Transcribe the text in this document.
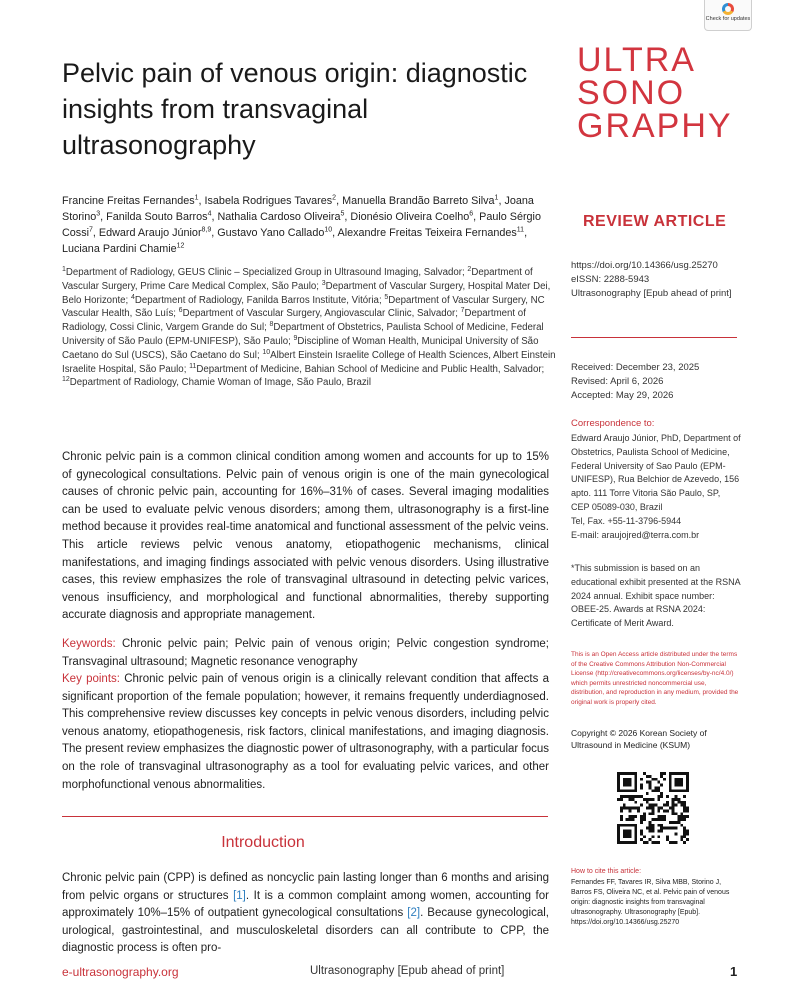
Check for updates
Pelvic pain of venous origin: diagnostic insights from transvaginal ultrasonography
ULTRA
SONO
GRAPHY
REVIEW ARTICLE
https://doi.org/10.14366/usg.25270
eISSN: 2288-5943
Ultrasonography [Epub ahead of print]
Francine Freitas Fernandes$^1$, Isabela Rodrigues Tavares$^2$, Manuella Brandão Barreto Silva$^1$, Joana Storino$^3$, Fanilda Souto Barros$^4$, Nathalia Cardoso Oliveira$^5$, Dionésio Oliveira Coelho$^6$, Paulo Sérgio Cossi$^7$, Edward Araujo Júnior$^{8,9}$, Gustavo Yano Callado$^{10}$, Alexandre Freitas Teixeira Fernandes$^{11}$, Luciana Pardini Chamie$^{12}$
$^1$Department of Radiology, GEUS Clinic – Specialized Group in Ultrasound Imaging, Salvador; $^2$Department of Vascular Surgery, Prime Care Medical Complex, São Paulo; $^3$Department of Vascular Surgery, Hospital Mater Dei, Belo Horizonte; $^4$Department of Radiology, Fanilda Barros Institute, Vitória; $^5$Department of Vascular Surgery, NC Vascular Health, São Luís; $^6$Department of Vascular Surgery, Angiovascular Clinic, Salvador; $^7$Department of Radiology, Cossi Clinic, Vargem Grande do Sul; $^8$Department of Obstetrics, Paulista School of Medicine, Federal University of São Paulo (EPM-UNIFESP), São Paulo; $^9$Discipline of Woman Health, Municipal University of São Caetano do Sul (USCS), São Caetano do Sul; $^{10}$Albert Einstein Israelite College of Health Sciences, Albert Einstein Israelite Hospital, São Paulo; $^{11}$Department of Medicine, Bahian School of Medicine and Public Health, Salvador; $^{12}$Department of Radiology, Chamie Woman of Image, São Paulo, Brazil
Received: December 23, 2025
Revised: April 6, 2026
Accepted: May 29, 2026
Correspondence to:
Edward Araujo Júnior, PhD, Department of Obstetrics, Paulista School of Medicine, Federal University of Sao Paulo (EPM-UNIFESP), Rua Belchior de Azevedo, 156 apto. 111 Torre Vitoria São Paulo, SP, CEP 05089-030, Brazil
Tel, Fax. +55-11-3796-5944
E-mail: araujojred@terra.com.br
*This submission is based on an educational exhibit presented at the RSNA 2024 annual. Exhibit space number: OBEE-25. Awards at RSNA 2024: Certificate of Merit Award.
This is an Open Access article distributed under the terms of the Creative Commons Attribution Non-Commercial License (http://creativecommons.org/licenses/by-nc/4.0/) which permits unrestricted noncommercial use, distribution, and reproduction in any medium, provided the original work is properly cited.
Copyright © 2026 Korean Society of Ultrasound in Medicine (KSUM)
How to cite this article:
Fernandes FF, Tavares IR, Silva MBB, Storino J, Barros FS, Oliveira NC, et al. Pelvic pain of venous origin: diagnostic insights from transvaginal ultrasonography. Ultrasonography [Epub]. https://doi.org/10.14366/usg.25270
Chronic pelvic pain is a common clinical condition among women and accounts for up to 15% of gynecological consultations. Pelvic pain of venous origin is one of the main gynecological causes of chronic pelvic pain, accounting for 16%–31% of cases. Several imaging modalities can be used to evaluate pelvic venous disorders; among them, ultrasonography is a first-line method because it provides real-time anatomical and functional assessment of the pelvic veins. This article reviews pelvic venous anatomy, etiopathogenic mechanisms, clinical manifestations, and imaging findings associated with pelvic venous disorders. Using illustrative cases, this review emphasizes the role of transvaginal ultrasound in detecting pelvic varices, venous insufficiency, and morphological and functional abnormalities, thereby supporting accurate diagnosis and appropriate management.
Keywords: Chronic pelvic pain; Pelvic pain of venous origin; Pelvic congestion syndrome; Transvaginal ultrasound; Magnetic resonance venography
Key points: Chronic pelvic pain of venous origin is a clinically relevant condition that affects a significant proportion of the female population; however, it remains frequently underdiagnosed. This comprehensive review discusses key concepts in pelvic venous disorders, including pelvic venous anatomy, etiopathogenesis, risk factors, clinical manifestations, and imaging diagnosis. The present review emphasizes the diagnostic power of ultrasonography, with a particular focus on the role of transvaginal ultrasonography as a tool for evaluating pelvic varices, and other morphofunctional venous abnormalities.
Introduction
Chronic pelvic pain (CPP) is defined as noncyclic pain lasting longer than 6 months and arising from pelvic organs or structures [1]. It is a common complaint among women, accounting for approximately 10%–15% of outpatient gynecological consultations [2]. Because gynecological, urological, gastrointestinal, and musculoskeletal disorders can all contribute to CPP, the diagnostic process is often pro-
e-ultrasonography.org	Ultrasonography [Epub ahead of print]	1
